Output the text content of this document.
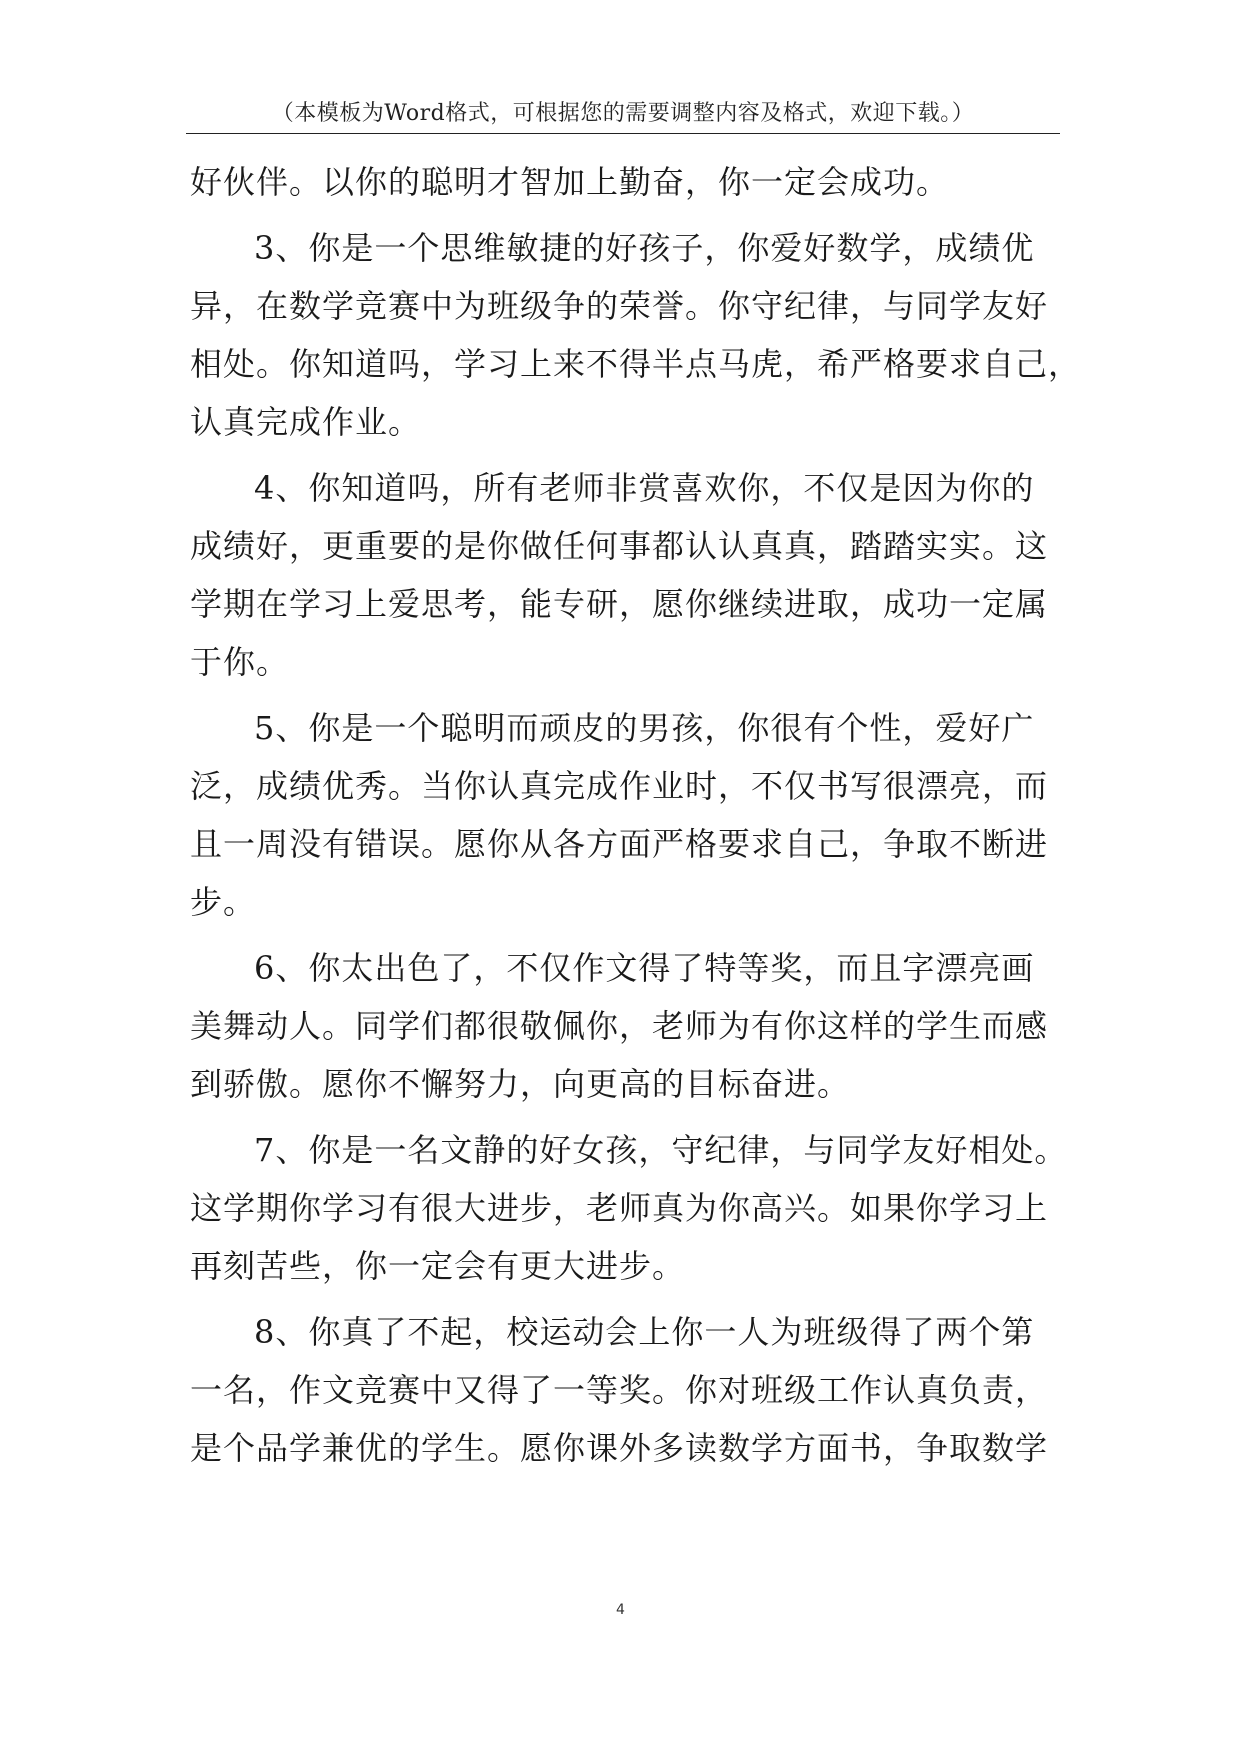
（本模板为Word格式，可根据您的需要调整内容及格式，欢迎下载。）
好伙伴。以你的聪明才智加上勤奋，你一定会成功。
3、你是一个思维敏捷的好孩子，你爱好数学，成绩优
异，在数学竞赛中为班级争的荣誉。你守纪律，与同学友好
相处。你知道吗，学习上来不得半点马虎，希严格要求自己，
认真完成作业。
4、你知道吗，所有老师非赏喜欢你，不仅是因为你的
成绩好，更重要的是你做任何事都认认真真，踏踏实实。这
学期在学习上爱思考，能专研，愿你继续进取，成功一定属
于你。
5、你是一个聪明而顽皮的男孩，你很有个性，爱好广
泛，成绩优秀。当你认真完成作业时，不仅书写很漂亮，而
且一周没有错误。愿你从各方面严格要求自己，争取不断进
步。
6、你太出色了，不仅作文得了特等奖，而且字漂亮画
美舞动人。同学们都很敬佩你，老师为有你这样的学生而感
到骄傲。愿你不懈努力，向更高的目标奋进。
7、你是一名文静的好女孩，守纪律，与同学友好相处。
这学期你学习有很大进步，老师真为你高兴。如果你学习上
再刻苦些，你一定会有更大进步。
8、你真了不起，校运动会上你一人为班级得了两个第
一名，作文竞赛中又得了一等奖。你对班级工作认真负责，
是个品学兼优的学生。愿你课外多读数学方面书，争取数学
4
